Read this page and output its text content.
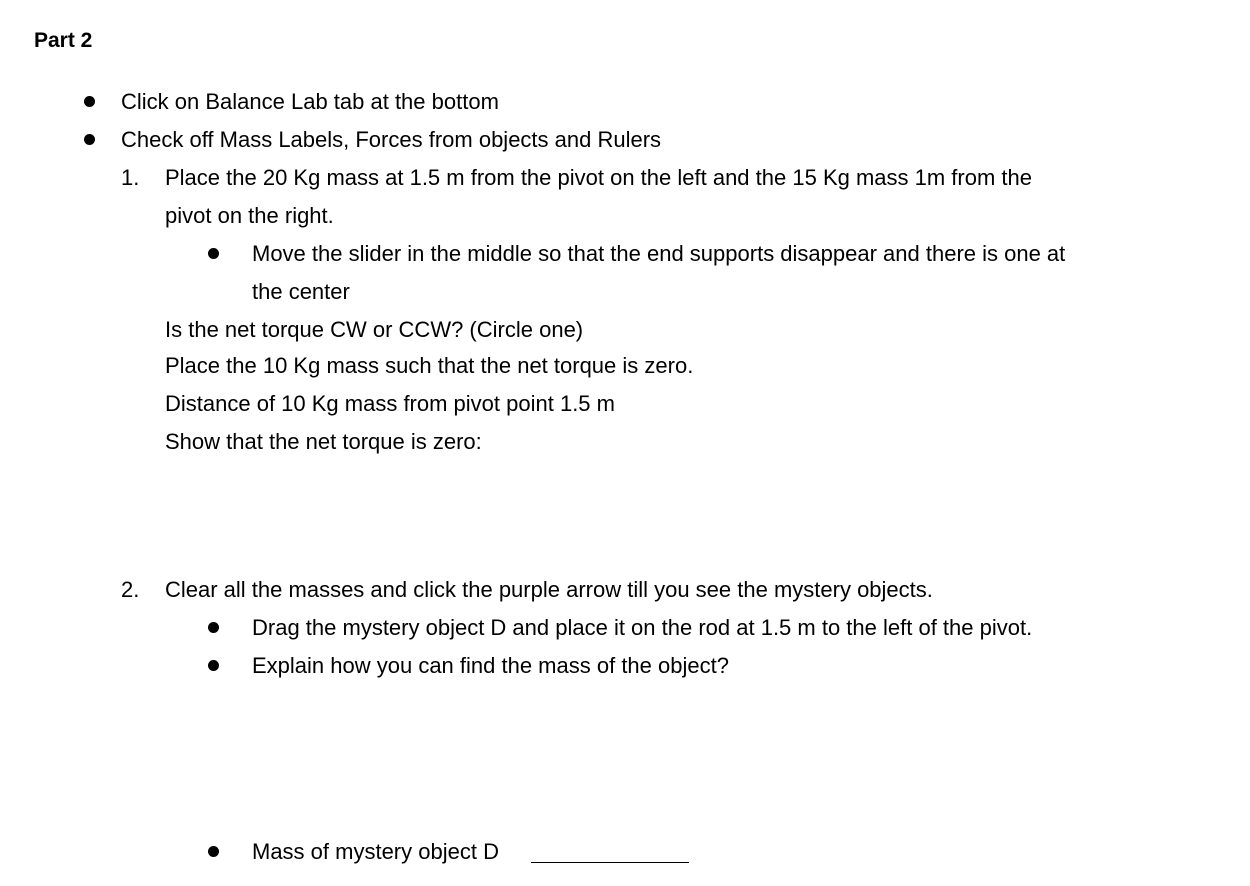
Part 2
Click on Balance Lab tab at the bottom
Check off Mass Labels, Forces from objects and Rulers
1. Place the 20 Kg mass at 1.5 m from the pivot on the left and the 15 Kg mass 1m from the
pivot on the right.
Move the slider in the middle so that the end supports disappear and there is one at
the center
Is the net torque CW or CCW? (Circle one)
Place the 10 Kg mass such that the net torque is zero.
Distance of 10 Kg mass from pivot point 1.5 m
Show that the net torque is zero:
2. Clear all the masses and click the purple arrow till you see the mystery objects.
Drag the mystery object D and place it on the rod at 1.5 m to the left of the pivot.
Explain how you can find the mass of the object?
Mass of mystery object D
